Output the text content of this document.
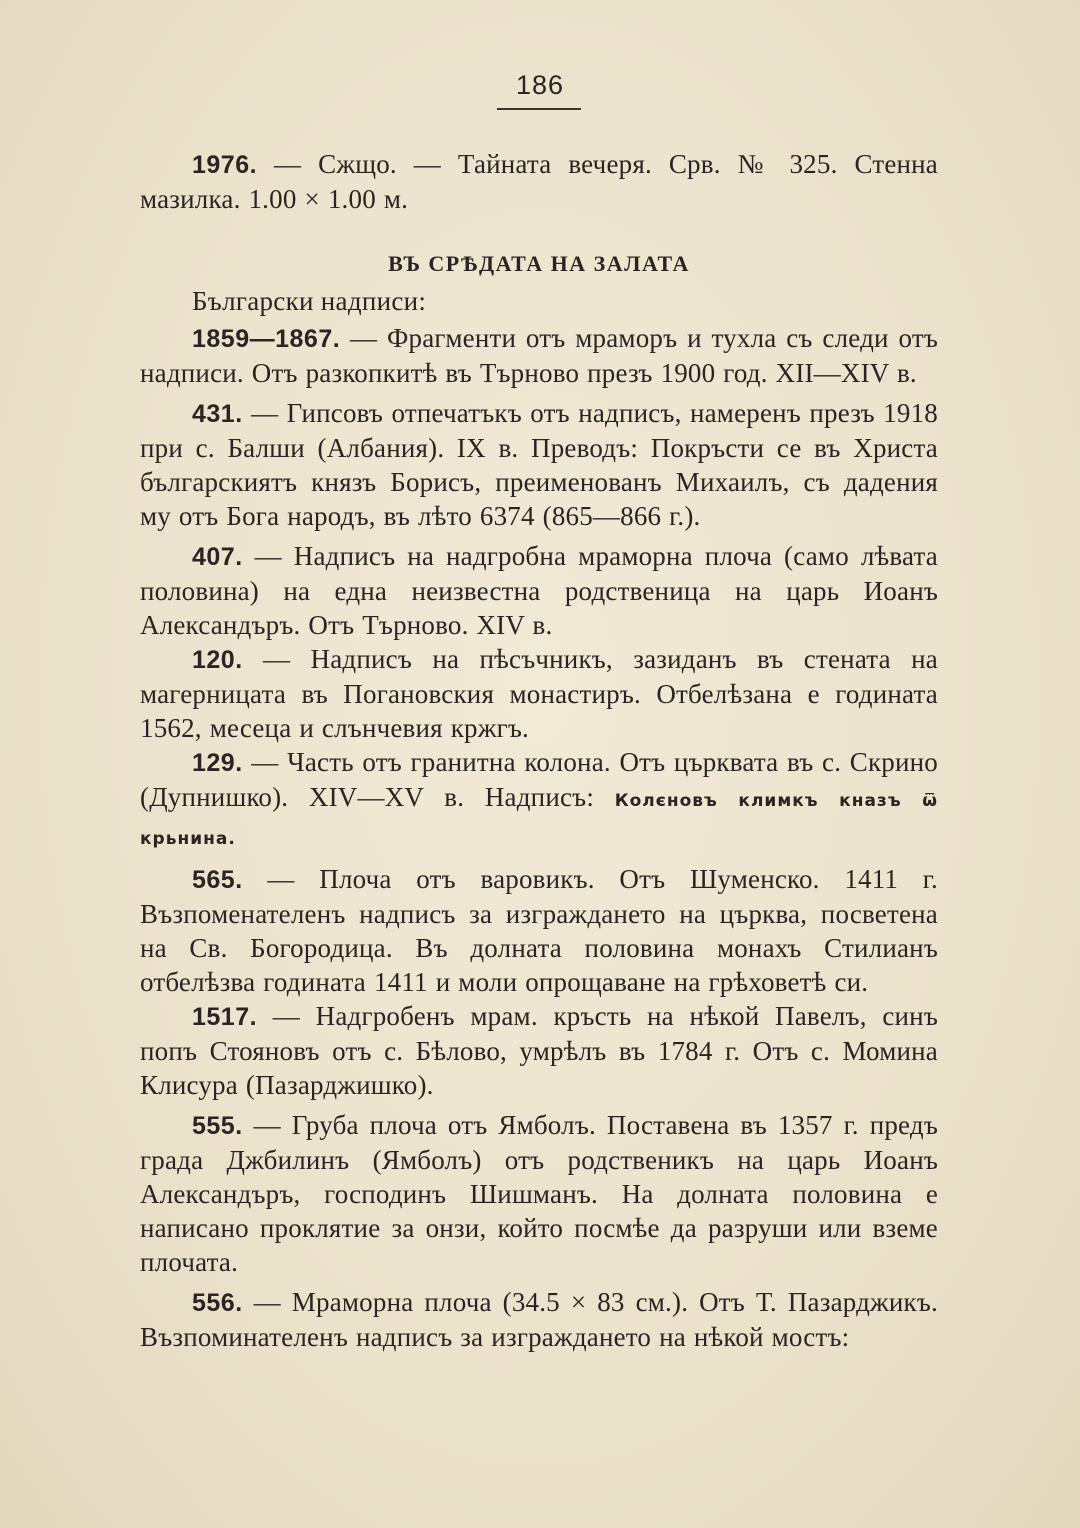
186

1976. — Сжщо. — Тайната вечеря. Срв. № 325. Стенна мазилка. 1.00 × 1.00 м.

ВЪ СРѢДАТА НА ЗАЛАТА

Български надписи:

1859—1867. — Фрагменти отъ мраморъ и тухла съ следи отъ надписи. Отъ разкопкитѣ въ Търново презъ 1900 год. XII—XIV в.

431. — Гипсовъ отпечатъкъ отъ надписъ, намеренъ презъ 1918 при с. Балши (Албания). IX в. Преводъ: Покръсти се въ Христа българскиятъ князъ Борисъ, преименованъ Михаилъ, съ дадения му отъ Бога народъ, въ лѣто 6374 (865—866 г.).

407. — Надписъ на надгробна мраморна плоча (само лѣвата половина) на една неизвестна родственица на царь Иоанъ Александъръ. Отъ Търново. XIV в.

120. — Надписъ на пѣсъчникъ, зазиданъ въ стената на магерницата въ Погановския монастиръ. Отбелѣзана е годината 1562, месеца и слънчевия кржгъ.

129. — Часть отъ гранитна колона. Отъ църквата въ с. Скрино (Дупнишко). XIV—XV в. Надписъ: Колєновъ климкъ кназъ ѿ крьнина.

565. — Плоча отъ варовикъ. Отъ Шуменско. 1411 г. Възпоменателенъ надписъ за изграждането на църква, посветена на Св. Богородица. Въ долната половина монахъ Стилианъ отбелѣзва годината 1411 и моли опрощаване на грѣховетѣ си.

1517. — Надгробенъ мрам. кръсть на нѣкой Павелъ, синъ попъ Стояновъ отъ с. Бѣлово, умрѣлъ въ 1784 г. Отъ с. Момина Клисура (Пазарджишко).

555. — Груба плоча отъ Ямболъ. Поставена въ 1357 г. предъ града Джбилинъ (Ямболъ) отъ родственикъ на царь Иоанъ Александъръ, господинъ Шишманъ. На долната половина е написано проклятие за онзи, който посмѣе да разруши или вземе плочата.

556. — Мраморна плоча (34.5 × 83 см.). Отъ Т. Пазарджикъ. Възпоминателенъ надписъ за изграждането на нѣкой мостъ:
